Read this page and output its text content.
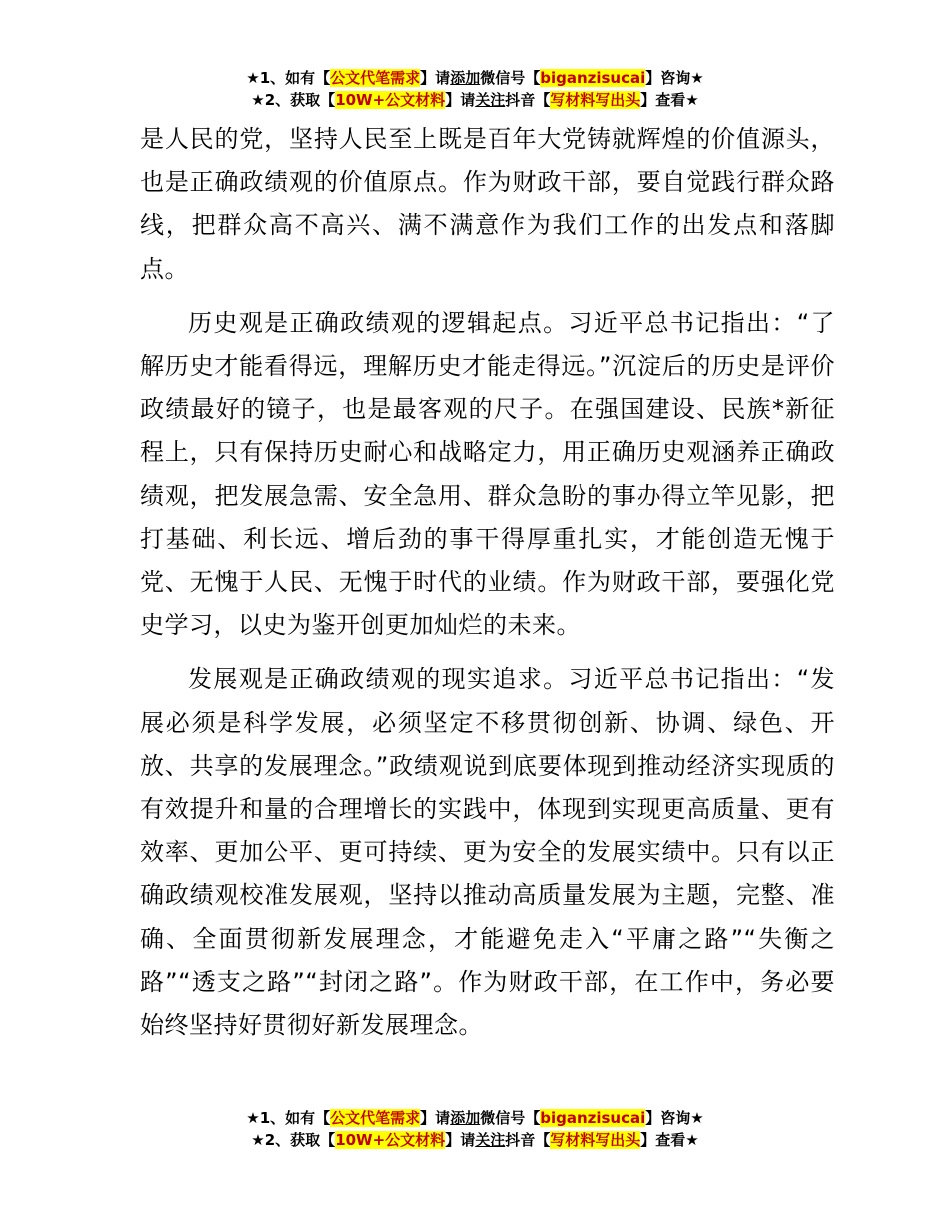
★1、如有【公文代笔需求】请添加微信号【biganzisucai】咨询★
★2、获取【10W+公文材料】请关注抖音【写材料写出头】查看★

是人民的党，坚持人民至上既是百年大党铸就辉煌的价值源头，也是正确政绩观的价值原点。作为财政干部，要自觉践行群众路线，把群众高不高兴、满不满意作为我们工作的出发点和落脚点。

历史观是正确政绩观的逻辑起点。习近平总书记指出：“了解历史才能看得远，理解历史才能走得远。”沉淀后的历史是评价政绩最好的镜子，也是最客观的尺子。在强国建设、民族*新征程上，只有保持历史耐心和战略定力，用正确历史观涵养正确政绩观，把发展急需、安全急用、群众急盼的事办得立竿见影，把打基础、利长远、增后劲的事干得厚重扎实，才能创造无愧于党、无愧于人民、无愧于时代的业绩。作为财政干部，要强化党史学习，以史为鉴开创更加灿烂的未来。

发展观是正确政绩观的现实追求。习近平总书记指出：“发展必须是科学发展，必须坚定不移贯彻创新、协调、绿色、开放、共享的发展理念。”政绩观说到底要体现到推动经济实现质的有效提升和量的合理增长的实践中，体现到实现更高质量、更有效率、更加公平、更可持续、更为安全的发展实绩中。只有以正确政绩观校准发展观，坚持以推动高质量发展为主题，完整、准确、全面贯彻新发展理念，才能避免走入“平庸之路”“失衡之路”“透支之路”“封闭之路”。作为财政干部，在工作中，务必要始终坚持好贯彻好新发展理念。

★1、如有【公文代笔需求】请添加微信号【biganzisucai】咨询★
★2、获取【10W+公文材料】请关注抖音【写材料写出头】查看★
